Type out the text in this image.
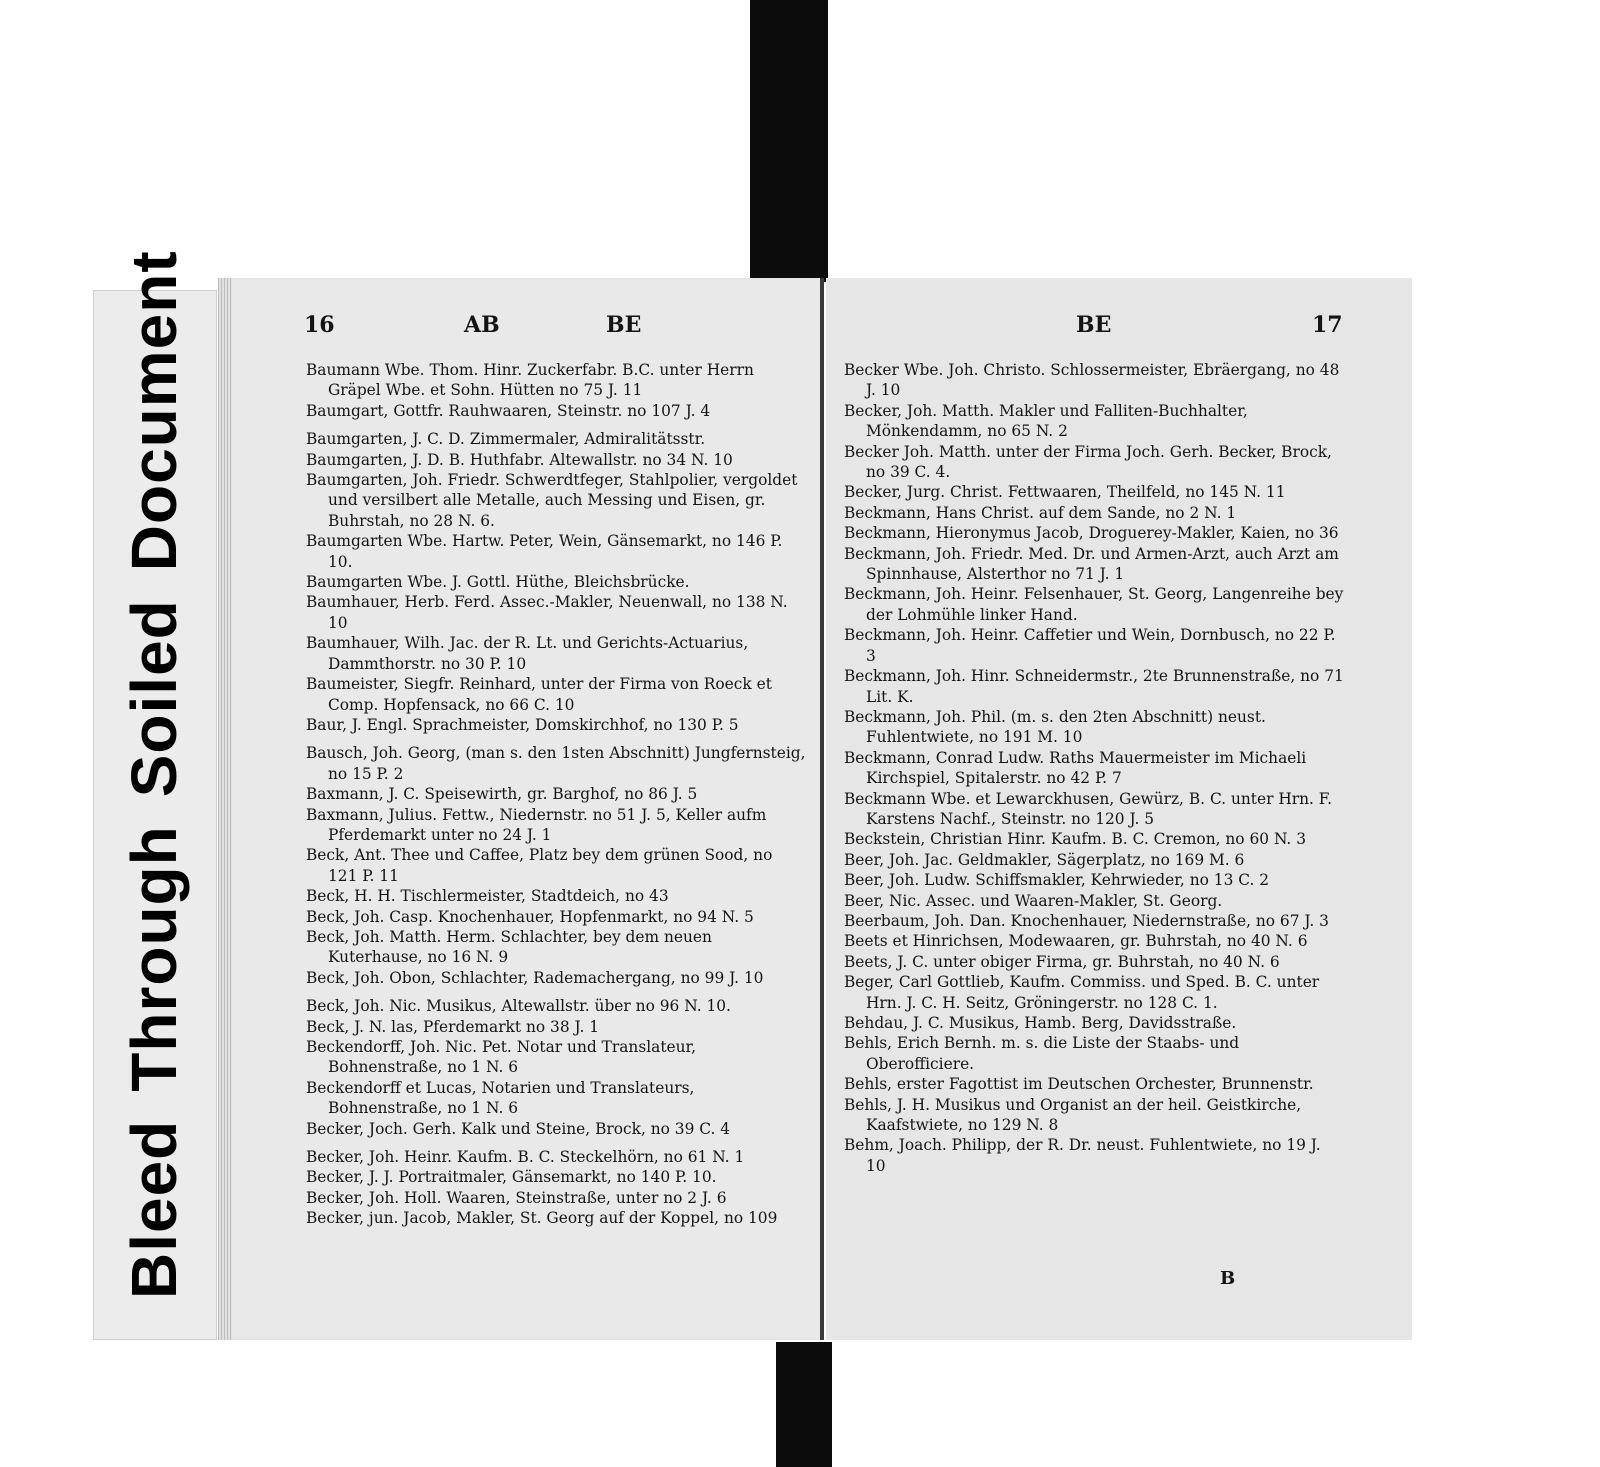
BleedThroughSoiledDocument	16	AB	BE
Baumann Wbe. Thom. Hinr. Zuckerfabr. B.C. unter Herrn Gräpel Wbe. et Sohn. Hütten no 75 J. 11
Baumgart, Gottfr. Rauhwaaren, Steinstr. no 107 J. 4
Baumgarten, J. C. D. Zimmermaler, Admiralitätsstr.
Baumgarten, J. D. B. Huthfabr. Altewallstr. no 34 N. 10
Baumgarten, Joh. Friedr. Schwerdtfeger, Stahlpolier, vergoldet und versilbert alle Metalle, auch Messing und Eisen, gr. Buhrstah, no 28 N. 6.
Baumgarten Wbe. Hartw. Peter, Wein, Gänsemarkt, no 146 P. 10.
Baumgarten Wbe. J. Gottl. Hüthe, Bleichsbrücke.
Baumhauer, Herb. Ferd. Assec.-Makler, Neuenwall, no 138 N. 10
Baumhauer, Wilh. Jac. der R. Lt. und Gerichts-Actuarius, Dammthorstr. no 30 P. 10
Baumeister, Siegfr. Reinhard, unter der Firma von Roeck et Comp. Hopfensack, no 66 C. 10
Baur, J. Engl. Sprachmeister, Domskirchhof, no 130 P. 5
Bausch, Joh. Georg, (man s. den 1sten Abschnitt) Jungfernsteig, no 15 P. 2
Baxmann, J. C. Speisewirth, gr. Barghof, no 86 J. 5
Baxmann, Julius. Fettw., Niedernstr. no 51 J. 5, Keller aufm Pferdemarkt unter no 24 J. 1
Beck, Ant. Thee und Caffee, Platz bey dem grünen Sood, no 121 P. 11
Beck, H. H. Tischlermeister, Stadtdeich, no 43
Beck, Joh. Casp. Knochenhauer, Hopfenmarkt, no 94 N. 5
Beck, Joh. Matth. Herm. Schlachter, bey dem neuen Kuterhause, no 16 N. 9
Beck, Joh. Obon, Schlachter, Rademachergang, no 99 J. 10
Beck, Joh. Nic. Musikus, Altewallstr. über no 96 N. 10.
Beck, J. N. las, Pferdemarkt no 38 J. 1
Beckendorff, Joh. Nic. Pet. Notar und Translateur, Bohnenstraße, no 1 N. 6
Beckendorff et Lucas, Notarien und Translateurs, Bohnenstraße, no 1 N. 6
Becker, Joch. Gerh. Kalk und Steine, Brock, no 39 C. 4
Becker, Joh. Heinr. Kaufm. B. C. Steckelhörn, no 61 N. 1
Becker, J. J. Portraitmaler, Gänsemarkt, no 140 P. 10.
Becker, Joh. Holl. Waaren, Steinstraße, unter no 2 J. 6
Becker, jun. Jacob, Makler, St. Georg auf der Koppel, no 109
BE	17
Becker Wbe. Joh. Christo. Schlossermeister, Ebräergang, no 48 J. 10
Becker, Joh. Matth. Makler und Falliten-Buchhalter, Mönkendamm, no 65 N. 2
Becker Joh. Matth. unter der Firma Joch. Gerh. Becker, Brock, no 39 C. 4.
Becker, Jurg. Christ. Fettwaaren, Theilfeld, no 145 N. 11
Beckmann, Hans Christ. auf dem Sande, no 2 N. 1
Beckmann, Hieronymus Jacob, Droguerey-Makler, Kaien, no 36
Beckmann, Joh. Friedr. Med. Dr. und Armen-Arzt, auch Arzt am Spinnhause, Alsterthor no 71 J. 1
Beckmann, Joh. Heinr. Felsenhauer, St. Georg, Langenreihe bey der Lohmühle linker Hand.
Beckmann, Joh. Heinr. Caffetier und Wein, Dornbusch, no 22 P. 3
Beckmann, Joh. Hinr. Schneidermstr., 2te Brunnenstraße, no 71 Lit. K.
Beckmann, Joh. Phil. (m. s. den 2ten Abschnitt) neust. Fuhlentwiete, no 191 M. 10
Beckmann, Conrad Ludw. Raths Mauermeister im Michaeli Kirchspiel, Spitalerstr. no 42 P. 7
Beckmann Wbe. et Lewarckhusen, Gewürz, B. C. unter Hrn. F. Karstens Nachf., Steinstr. no 120 J. 5
Beckstein, Christian Hinr. Kaufm. B. C. Cremon, no 60 N. 3
Beer, Joh. Jac. Geldmakler, Sägerplatz, no 169 M. 6
Beer, Joh. Ludw. Schiffsmakler, Kehrwieder, no 13 C. 2
Beer, Nic. Assec. und Waaren-Makler, St. Georg.
Beerbaum, Joh. Dan. Knochenhauer, Niedernstraße, no 67 J. 3
Beets et Hinrichsen, Modewaaren, gr. Buhrstah, no 40 N. 6
Beets, J. C. unter obiger Firma, gr. Buhrstah, no 40 N. 6
Beger, Carl Gottlieb, Kaufm. Commiss. und Sped. B. C. unter Hrn. J. C. H. Seitz, Gröningerstr. no 128 C. 1.
Behdau, J. C. Musikus, Hamb. Berg, Davidsstraße.
Behls, Erich Bernh. m. s. die Liste der Staabs- und Oberofficiere.
Behls, erster Fagottist im Deutschen Orchester, Brunnenstr.
Behls, J. H. Musikus und Organist an der heil. Geistkirche, Kaafstwiete, no 129 N. 8
Behm, Joach. Philipp, der R. Dr. neust. Fuhlentwiete, no 19 J. 10
B
